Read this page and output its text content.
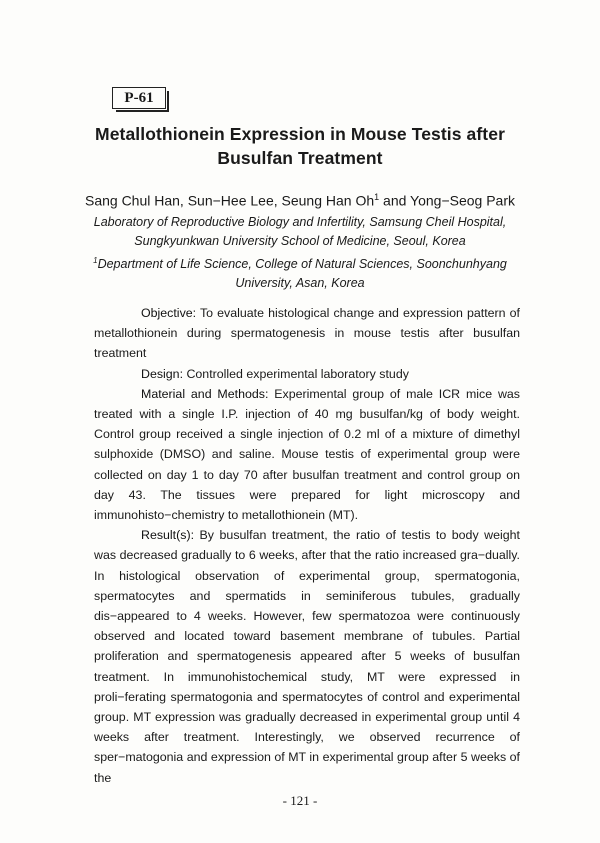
P-61
Metallothionein Expression in Mouse Testis after
Busulfan Treatment
Sang Chul Han, Sun−Hee Lee, Seung Han Oh$^1$ and Yong−Seog Park
Laboratory of Reproductive Biology and Infertility, Samsung Cheil Hospital,
Sungkyunkwan University School of Medicine, Seoul, Korea
$^1$Department of Life Science, College of Natural Sciences, Soonchunhyang
University, Asan, Korea

Objective: To evaluate histological change and expression pattern of metallothionein during spermatogenesis in mouse testis after busulfan treatment

Design: Controlled experimental laboratory study

Material and Methods: Experimental group of male ICR mice was treated with a single I.P. injection of 40 mg busulfan/kg of body weight. Control group received a single injection of 0.2 ml of a mixture of dimethyl sulphoxide (DMSO) and saline. Mouse testis of experimental group were collected on day 1 to day 70 after busulfan treatment and control group on day 43. The tissues were prepared for light microscopy and immunohisto−chemistry to metallothionein (MT).

Result(s): By busulfan treatment, the ratio of testis to body weight was decreased gradually to 6 weeks, after that the ratio increased gra−dually. In histological observation of experimental group, spermatogonia, spermatocytes and spermatids in seminiferous tubules, gradually dis−appeared to 4 weeks. However, few spermatozoa were continuously observed and located toward basement membrane of tubules. Partial proliferation and spermatogenesis appeared after 5 weeks of busulfan treatment. In immunohistochemical study, MT were expressed in proli−ferating spermatogonia and spermatocytes of control and experimental group. MT expression was gradually decreased in experimental group until 4 weeks after treatment. Interestingly, we observed recurrence of sper−matogonia and expression of MT in experimental group after 5 weeks of the

- 121 -
